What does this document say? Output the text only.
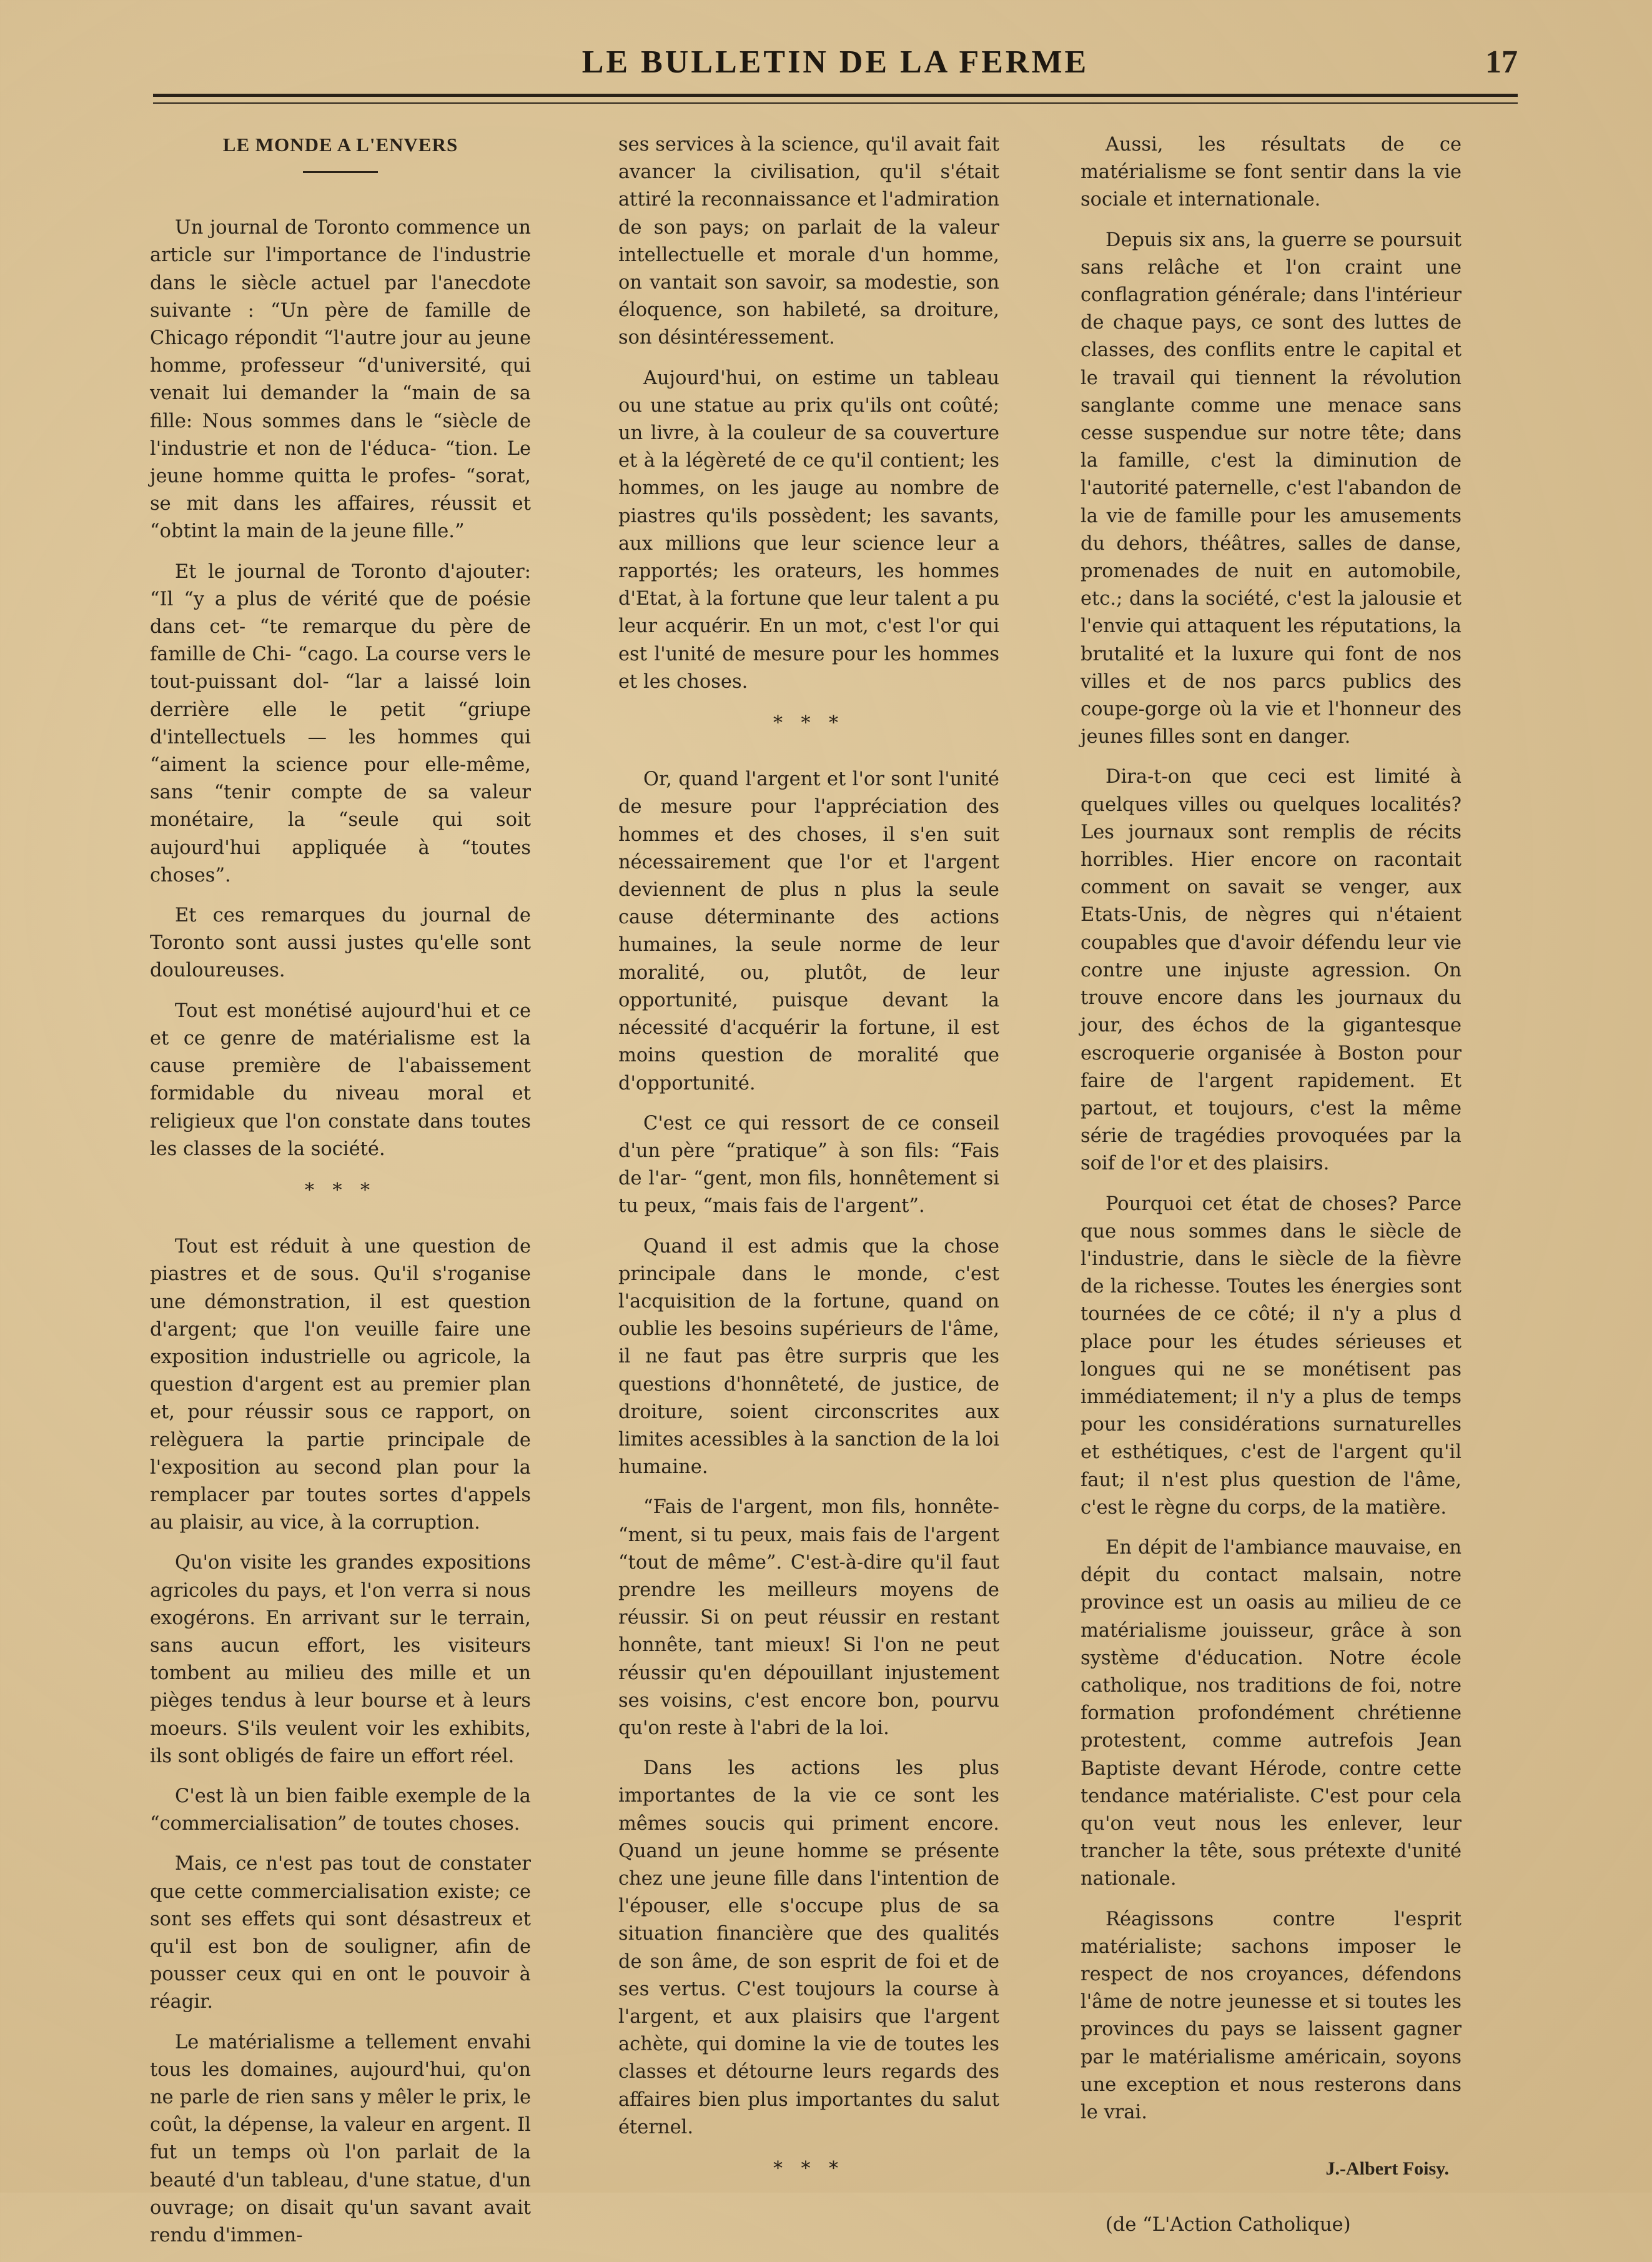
LE BULLETIN DE LA FERME	17

LE MONDE A L'ENVERS

Un journal de Toronto commence un article sur l'importance de l'industrie dans le siècle actuel par l'anecdote suivante : “Un père de famille de Chicago répondit “l'autre jour au jeune homme, professeur “d'université, qui venait lui demander la “main de sa fille: Nous sommes dans le “siècle de l'industrie et non de l'éduca- “tion. Le jeune homme quitta le profes- “sorat, se mit dans les affaires, réussit et “obtint la main de la jeune fille.”

Et le journal de Toronto d'ajouter: “Il “y a plus de vérité que de poésie dans cet- “te remarque du père de famille de Chi- “cago. La course vers le tout-puissant dol- “lar a laissé loin derrière elle le petit “griupe d'intellectuels — les hommes qui “aiment la science pour elle-même, sans “tenir compte de sa valeur monétaire, la “seule qui soit aujourd'hui appliquée à “toutes choses”.

Et ces remarques du journal de Toronto sont aussi justes qu'elle sont douloureuses.

Tout est monétisé aujourd'hui et ce et ce genre de matérialisme est la cause première de l'abaissement formidable du niveau moral et religieux que l'on constate dans toutes les classes de la société.

* * *

Tout est réduit à une question de piastres et de sous. Qu'il s'roganise une démonstration, il est question d'argent; que l'on veuille faire une exposition industrielle ou agricole, la question d'argent est au premier plan et, pour réussir sous ce rapport, on relèguera la partie principale de l'exposition au second plan pour la remplacer par toutes sortes d'appels au plaisir, au vice, à la corruption.

Qu'on visite les grandes expositions agricoles du pays, et l'on verra si nous exogérons. En arrivant sur le terrain, sans aucun effort, les visiteurs tombent au milieu des mille et un pièges tendus à leur bourse et à leurs moeurs. S'ils veulent voir les exhibits, ils sont obligés de faire un effort réel.

C'est là un bien faible exemple de la “commercialisation” de toutes choses.

Mais, ce n'est pas tout de constater que cette commercialisation existe; ce sont ses effets qui sont désastreux et qu'il est bon de souligner, afin de pousser ceux qui en ont le pouvoir à réagir.

Le matérialisme a tellement envahi tous les domaines, aujourd'hui, qu'on ne parle de rien sans y mêler le prix, le coût, la dépense, la valeur en argent. Il fut un temps où l'on parlait de la beauté d'un tableau, d'une statue, d'un ouvrage; on disait qu'un savant avait rendu d'immen-

ses services à la science, qu'il avait fait avancer la civilisation, qu'il s'était attiré la reconnaissance et l'admiration de son pays; on parlait de la valeur intellectuelle et morale d'un homme, on vantait son savoir, sa modestie, son éloquence, son habileté, sa droiture, son désintéressement.

Aujourd'hui, on estime un tableau ou une statue au prix qu'ils ont coûté; un livre, à la couleur de sa couverture et à la légèreté de ce qu'il contient; les hommes, on les jauge au nombre de piastres qu'ils possèdent; les savants, aux millions que leur science leur a rapportés; les orateurs, les hommes d'Etat, à la fortune que leur talent a pu leur acquérir. En un mot, c'est l'or qui est l'unité de mesure pour les hommes et les choses.

* * *

Or, quand l'argent et l'or sont l'unité de mesure pour l'appréciation des hommes et des choses, il s'en suit nécessairement que l'or et l'argent deviennent de plus n plus la seule cause déterminante des actions humaines, la seule norme de leur moralité, ou, plutôt, de leur opportunité, puisque devant la nécessité d'acquérir la fortune, il est moins question de moralité que d'opportunité.

C'est ce qui ressort de ce conseil d'un père “pratique” à son fils: “Fais de l'ar- “gent, mon fils, honnêtement si tu peux, “mais fais de l'argent”.

Quand il est admis que la chose principale dans le monde, c'est l'acquisition de la fortune, quand on oublie les besoins supérieurs de l'âme, il ne faut pas être surpris que les questions d'honnêteté, de justice, de droiture, soient circonscrites aux limites acessibles à la sanction de la loi humaine.

“Fais de l'argent, mon fils, honnête- “ment, si tu peux, mais fais de l'argent “tout de même”. C'est-à-dire qu'il faut prendre les meilleurs moyens de réussir. Si on peut réussir en restant honnête, tant mieux! Si l'on ne peut réussir qu'en dépouillant injustement ses voisins, c'est encore bon, pourvu qu'on reste à l'abri de la loi.

Dans les actions les plus importantes de la vie ce sont les mêmes soucis qui priment encore. Quand un jeune homme se présente chez une jeune fille dans l'intention de l'épouser, elle s'occupe plus de sa situation financière que des qualités de son âme, de son esprit de foi et de ses vertus. C'est toujours la course à l'argent, et aux plaisirs que l'argent achète, qui domine la vie de toutes les classes et détourne leurs regards des affaires bien plus importantes du salut éternel.

* * *

Aussi, les résultats de ce matérialisme se font sentir dans la vie sociale et internationale.

Depuis six ans, la guerre se poursuit sans relâche et l'on craint une conflagration générale; dans l'intérieur de chaque pays, ce sont des luttes de classes, des conflits entre le capital et le travail qui tiennent la révolution sanglante comme une menace sans cesse suspendue sur notre tête; dans la famille, c'est la diminution de l'autorité paternelle, c'est l'abandon de la vie de famille pour les amusements du dehors, théâtres, salles de danse, promenades de nuit en automobile, etc.; dans la société, c'est la jalousie et l'envie qui attaquent les réputations, la brutalité et la luxure qui font de nos villes et de nos parcs publics des coupe-gorge où la vie et l'honneur des jeunes filles sont en danger.

Dira-t-on que ceci est limité à quelques villes ou quelques localités? Les journaux sont remplis de récits horribles. Hier encore on racontait comment on savait se venger, aux Etats-Unis, de nègres qui n'étaient coupables que d'avoir défendu leur vie contre une injuste agression. On trouve encore dans les journaux du jour, des échos de la gigantesque escroquerie organisée à Boston pour faire de l'argent rapidement. Et partout, et toujours, c'est la même série de tragédies provoquées par la soif de l'or et des plaisirs.

Pourquoi cet état de choses? Parce que nous sommes dans le siècle de l'industrie, dans le siècle de la fièvre de la richesse. Toutes les énergies sont tournées de ce côté; il n'y a plus d place pour les études sérieuses et longues qui ne se monétisent pas immédiatement; il n'y a plus de temps pour les considérations surnaturelles et esthétiques, c'est de l'argent qu'il faut; il n'est plus question de l'âme, c'est le règne du corps, de la matière.

En dépit de l'ambiance mauvaise, en dépit du contact malsain, notre province est un oasis au milieu de ce matérialisme jouisseur, grâce à son système d'éducation. Notre école catholique, nos traditions de foi, notre formation profondément chrétienne protestent, comme autrefois Jean Baptiste devant Hérode, contre cette tendance matérialiste. C'est pour cela qu'on veut nous les enlever, leur trancher la tête, sous prétexte d'unité nationale.

Réagissons contre l'esprit matérialiste; sachons imposer le respect de nos croyances, défendons l'âme de notre jeunesse et si toutes les provinces du pays se laissent gagner par le matérialisme américain, soyons une exception et nous resterons dans le vrai.

J.-Albert Foisy.

(de “L'Action Catholique)
